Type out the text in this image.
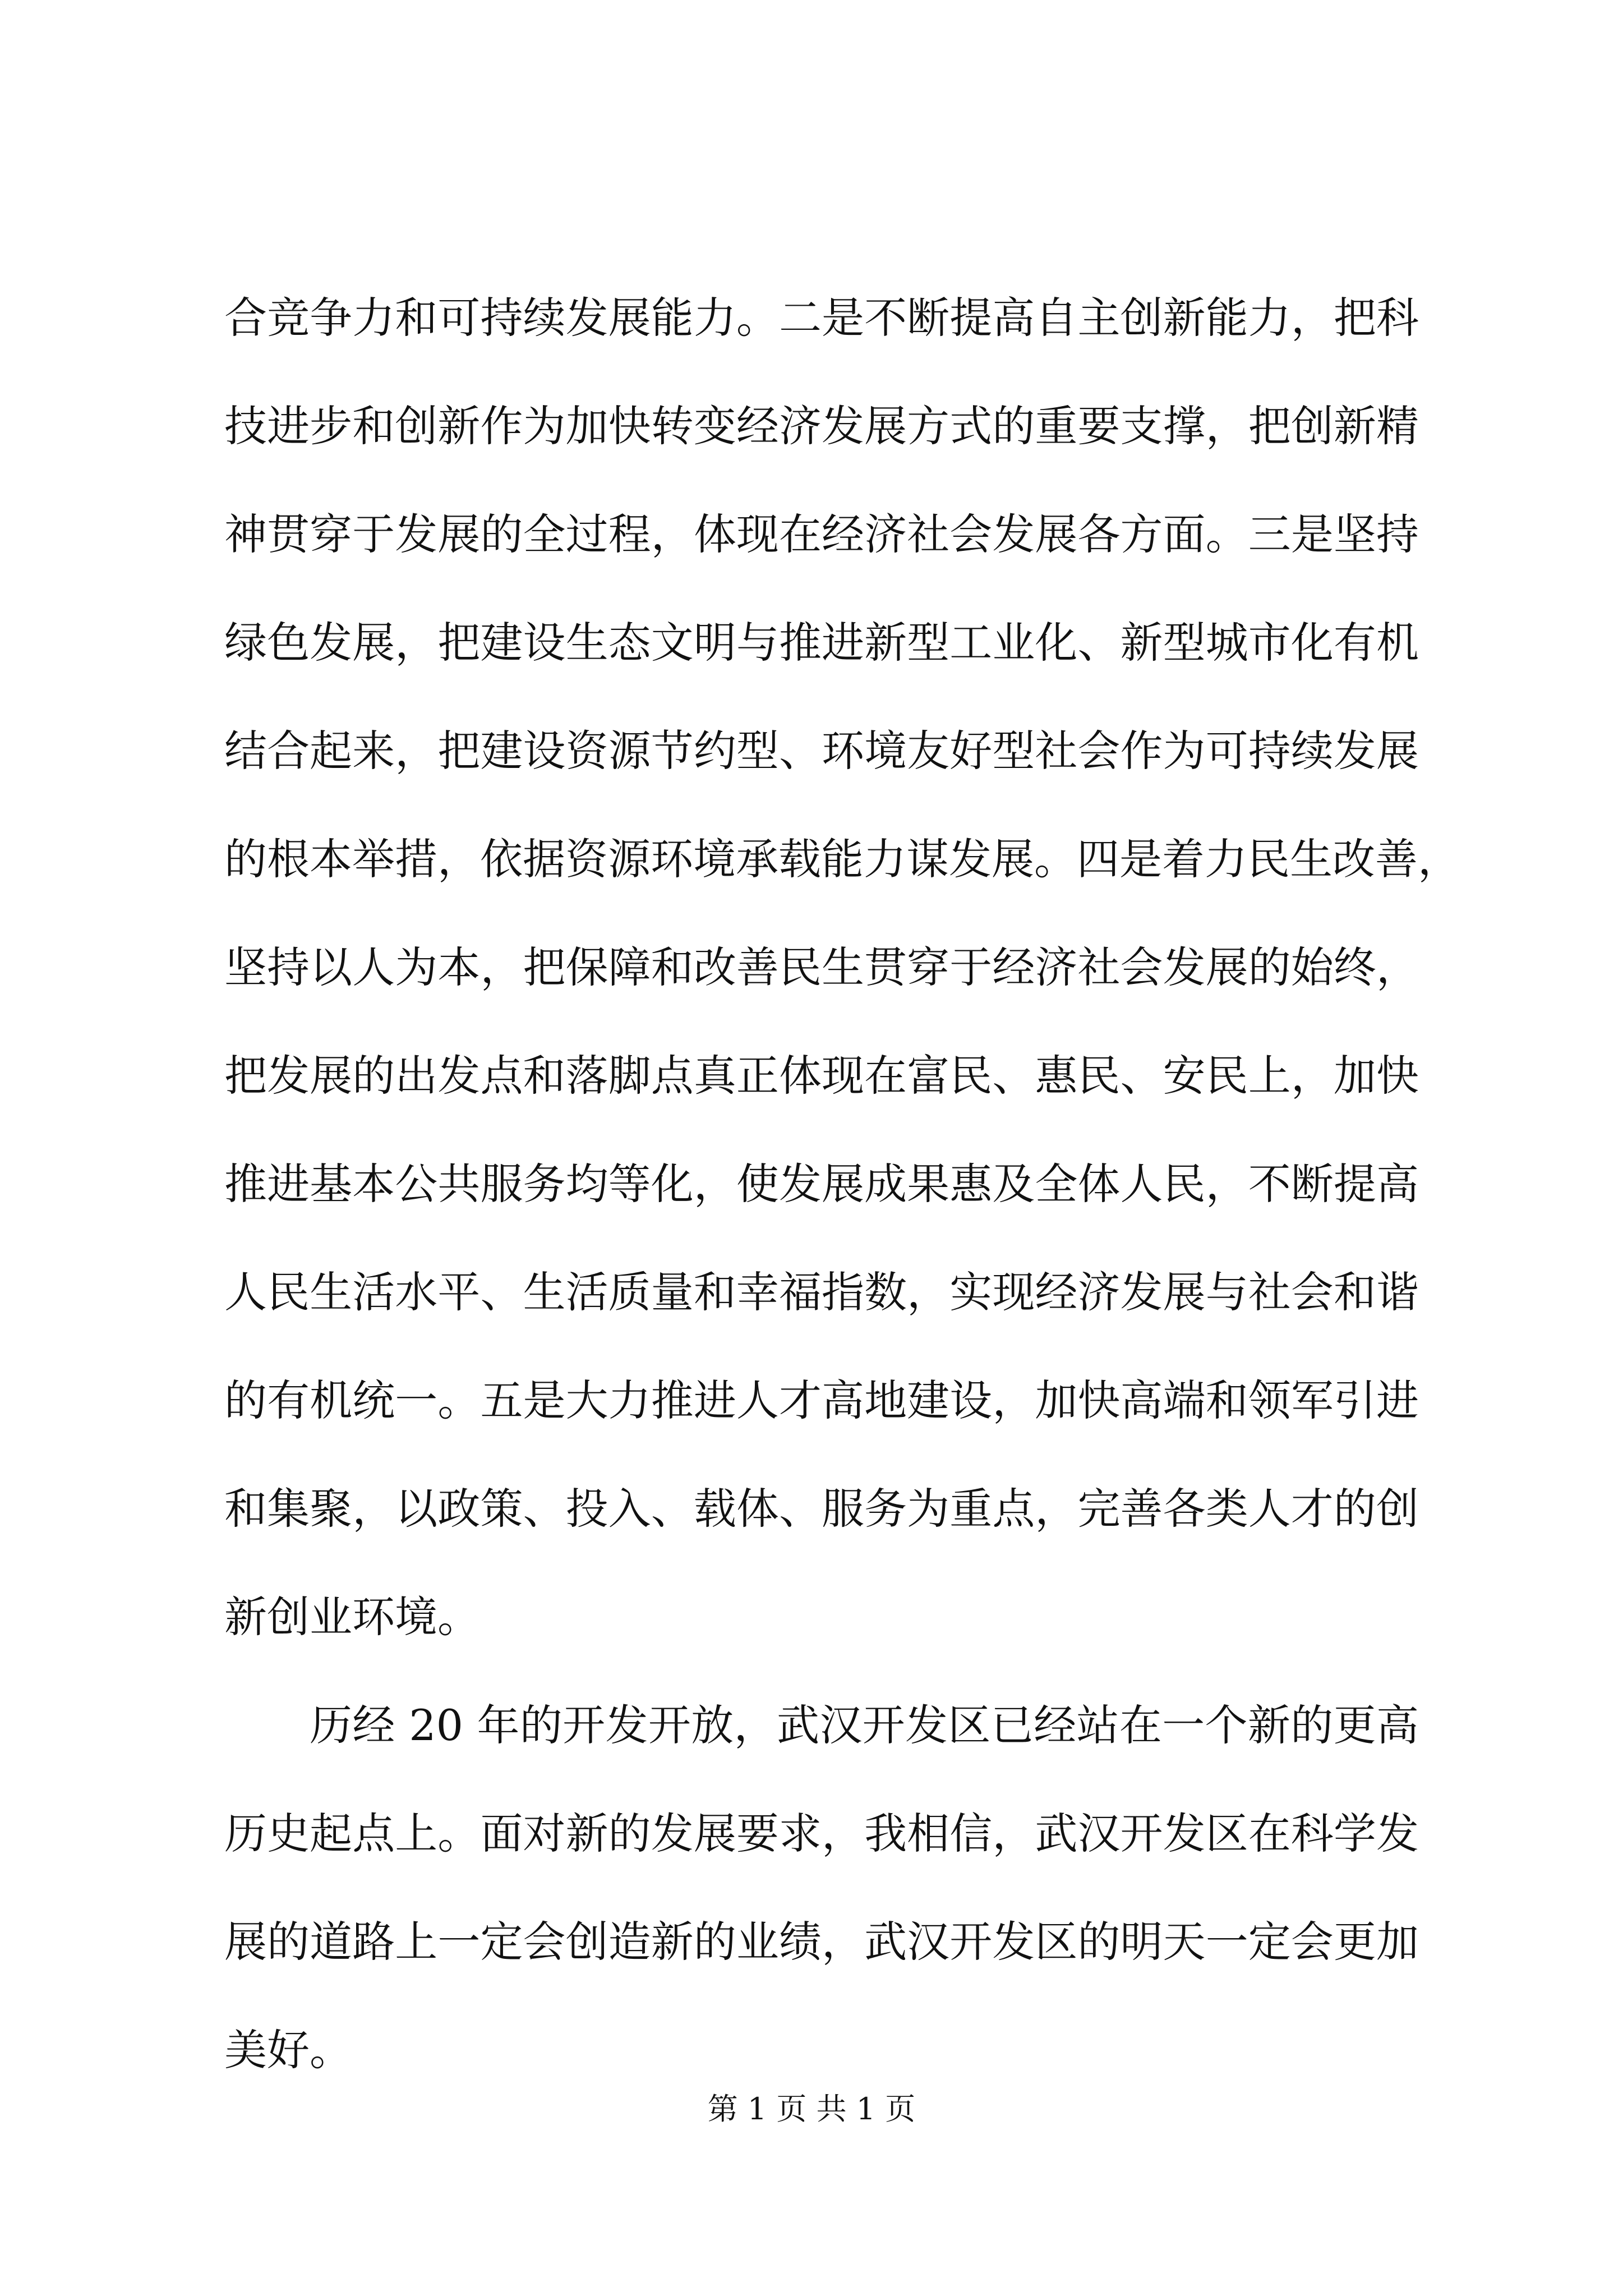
合竞争力和可持续发展能力。二是不断提高自主创新能力，把科
技进步和创新作为加快转变经济发展方式的重要支撑，把创新精
神贯穿于发展的全过程，体现在经济社会发展各方面。三是坚持
绿色发展，把建设生态文明与推进新型工业化、新型城市化有机
结合起来，把建设资源节约型、环境友好型社会作为可持续发展
的根本举措，依据资源环境承载能力谋发展。四是着力民生改善，
坚持以人为本，把保障和改善民生贯穿于经济社会发展的始终，
把发展的出发点和落脚点真正体现在富民、惠民、安民上，加快
推进基本公共服务均等化，使发展成果惠及全体人民，不断提高
人民生活水平、生活质量和幸福指数，实现经济发展与社会和谐
的有机统一。五是大力推进人才高地建设，加快高端和领军引进
和集聚，以政策、投入、载体、服务为重点，完善各类人才的创
新创业环境。
历经 20 年的开发开放，武汉开发区已经站在一个新的更高
历史起点上。面对新的发展要求，我相信，武汉开发区在科学发
展的道路上一定会创造新的业绩，武汉开发区的明天一定会更加
美好。
第 1 页 共 1 页
